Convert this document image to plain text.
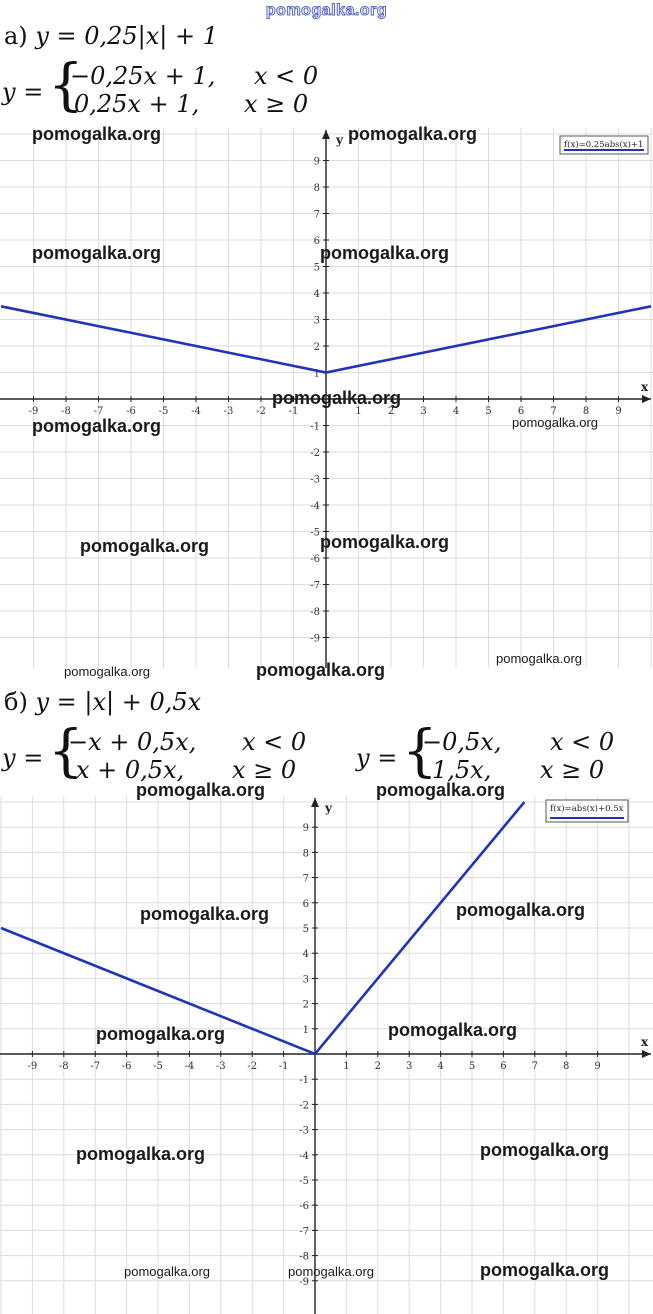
pomogalka.org
а) y = 0,25|x| + 1
y = {
−0,25x + 1, x < 0
0,25x + 1, x ≥ 0
x
y
-9 -8 -7 -6 -5 -4 -3 -2 -1	1	2	3	4	5	6	7	8	9
-9
-8
-7
-6
-5
-4
-3
-2
-1
1
2
3
4
5
6
7
8
9
f(x)=0.25abs(x)+1
б) y = |x| + 0,5x
y = {
−x + 0,5x, x < 0
x + 0,5x, x ≥ 0 y = {
−0,5x, x < 0
1,5x, x ≥ 0
x
y
-9 -8 -7 -6 -5 -4 -3 -2 -1	1	2	3	4	5	6	7	8	9
-9
-8
-7
-6
-5
-4
-3
-2
-1
1
2
3
4
5
6
7
8
9
f(x)=abs(x)+0.5x
pomogalka.org	pomogalka.org
pomogalka.org	pomogalka.org
pomogalka.org
pomogalka.org	pomogalka.org
pomogalka.org	pomogalka.org
pomogalka.org	pomogalka.org
pomogalka.org
pomogalka.org	pomogalka.org
pomogalka.org	pomogalka.org
pomogalka.org	pomogalka.org
pomogalka.org	pomogalka.org
pomogalka.org	pomogalka.org	pomogalka.org
